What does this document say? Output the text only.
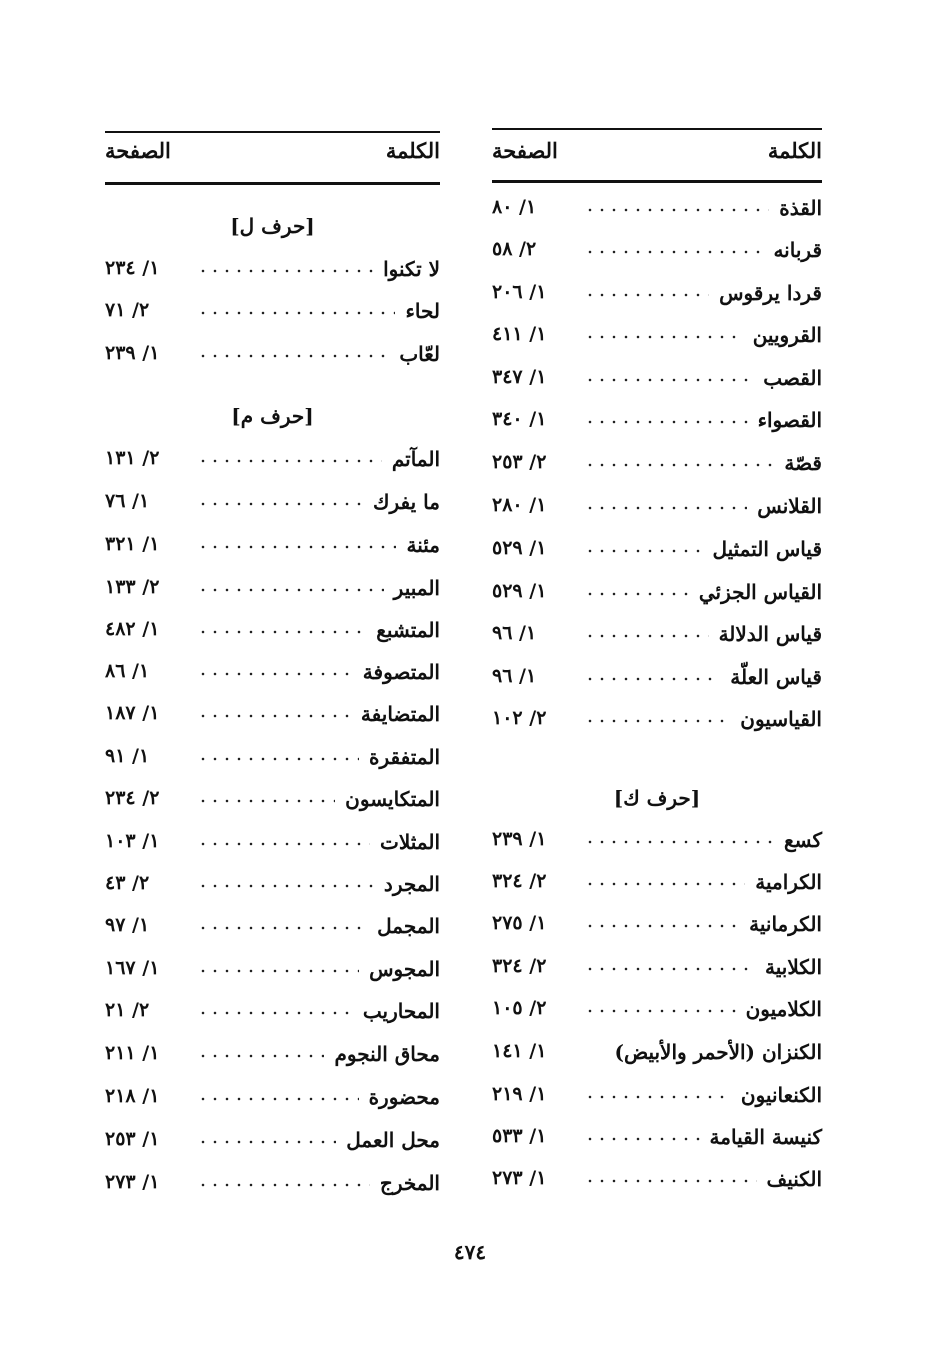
الكلمة
الصفحة
القذة
١/ ٨٠
قربانه
٢/ ٥٨
قردا يرقوس
١/ ٢٠٦
القرويين
١/ ٤١١
القصب
١/ ٣٤٧
القصواء
١/ ٣٤٠
قصّة
٢/ ٢٥٣
القلانس
١/ ٢٨٠
قياس التمثيل
١/ ٥٢٩
القياس الجزئي
١/ ٥٢٩
قياس الدلالة
١/ ٩٦
قياس العلّة
١/ ٩٦
القياسيون
٢/ ١٠٢
[حرف ك]
كسع
١/ ٢٣٩
الكرامية
٢/ ٣٢٤
الكرمانية
١/ ٢٧٥
الكلابية
٢/ ٣٢٤
الكلاميون
٢/ ١٠٥
الكنزان (الأحمر والأبيض)
١/ ١٤١
الكنعانيون
١/ ٢١٩
كنيسة القيامة
١/ ٥٣٣
الكنيف
١/ ٢٧٣
الكلمة
الصفحة
[حرف ل]
لا تكنوا
١/ ٢٣٤
لحاء
٢/ ٧١
لعّاب
١/ ٢٣٩
[حرف م]
المآتم
٢/ ١٣١
ما يفرك
١/ ٧٦
مئنة
١/ ٣٢١
المبير
٢/ ١٣٣
المتشبع
١/ ٤٨٢
المتصوفة
١/ ٨٦
المتضايفة
١/ ١٨٧
المتفقرة
١/ ٩١
المتكايسون
٢/ ٢٣٤
المثلات
١/ ١٠٣
المجرد
٢/ ٤٣
المجمل
١/ ٩٧
المجوس
١/ ١٦٧
المحاريب
٢/ ٢١
محاق النجوم
١/ ٢١١
محضورة
١/ ٢١٨
محل العمل
١/ ٢٥٣
المخرج
١/ ٢٧٣
٤٧٤
